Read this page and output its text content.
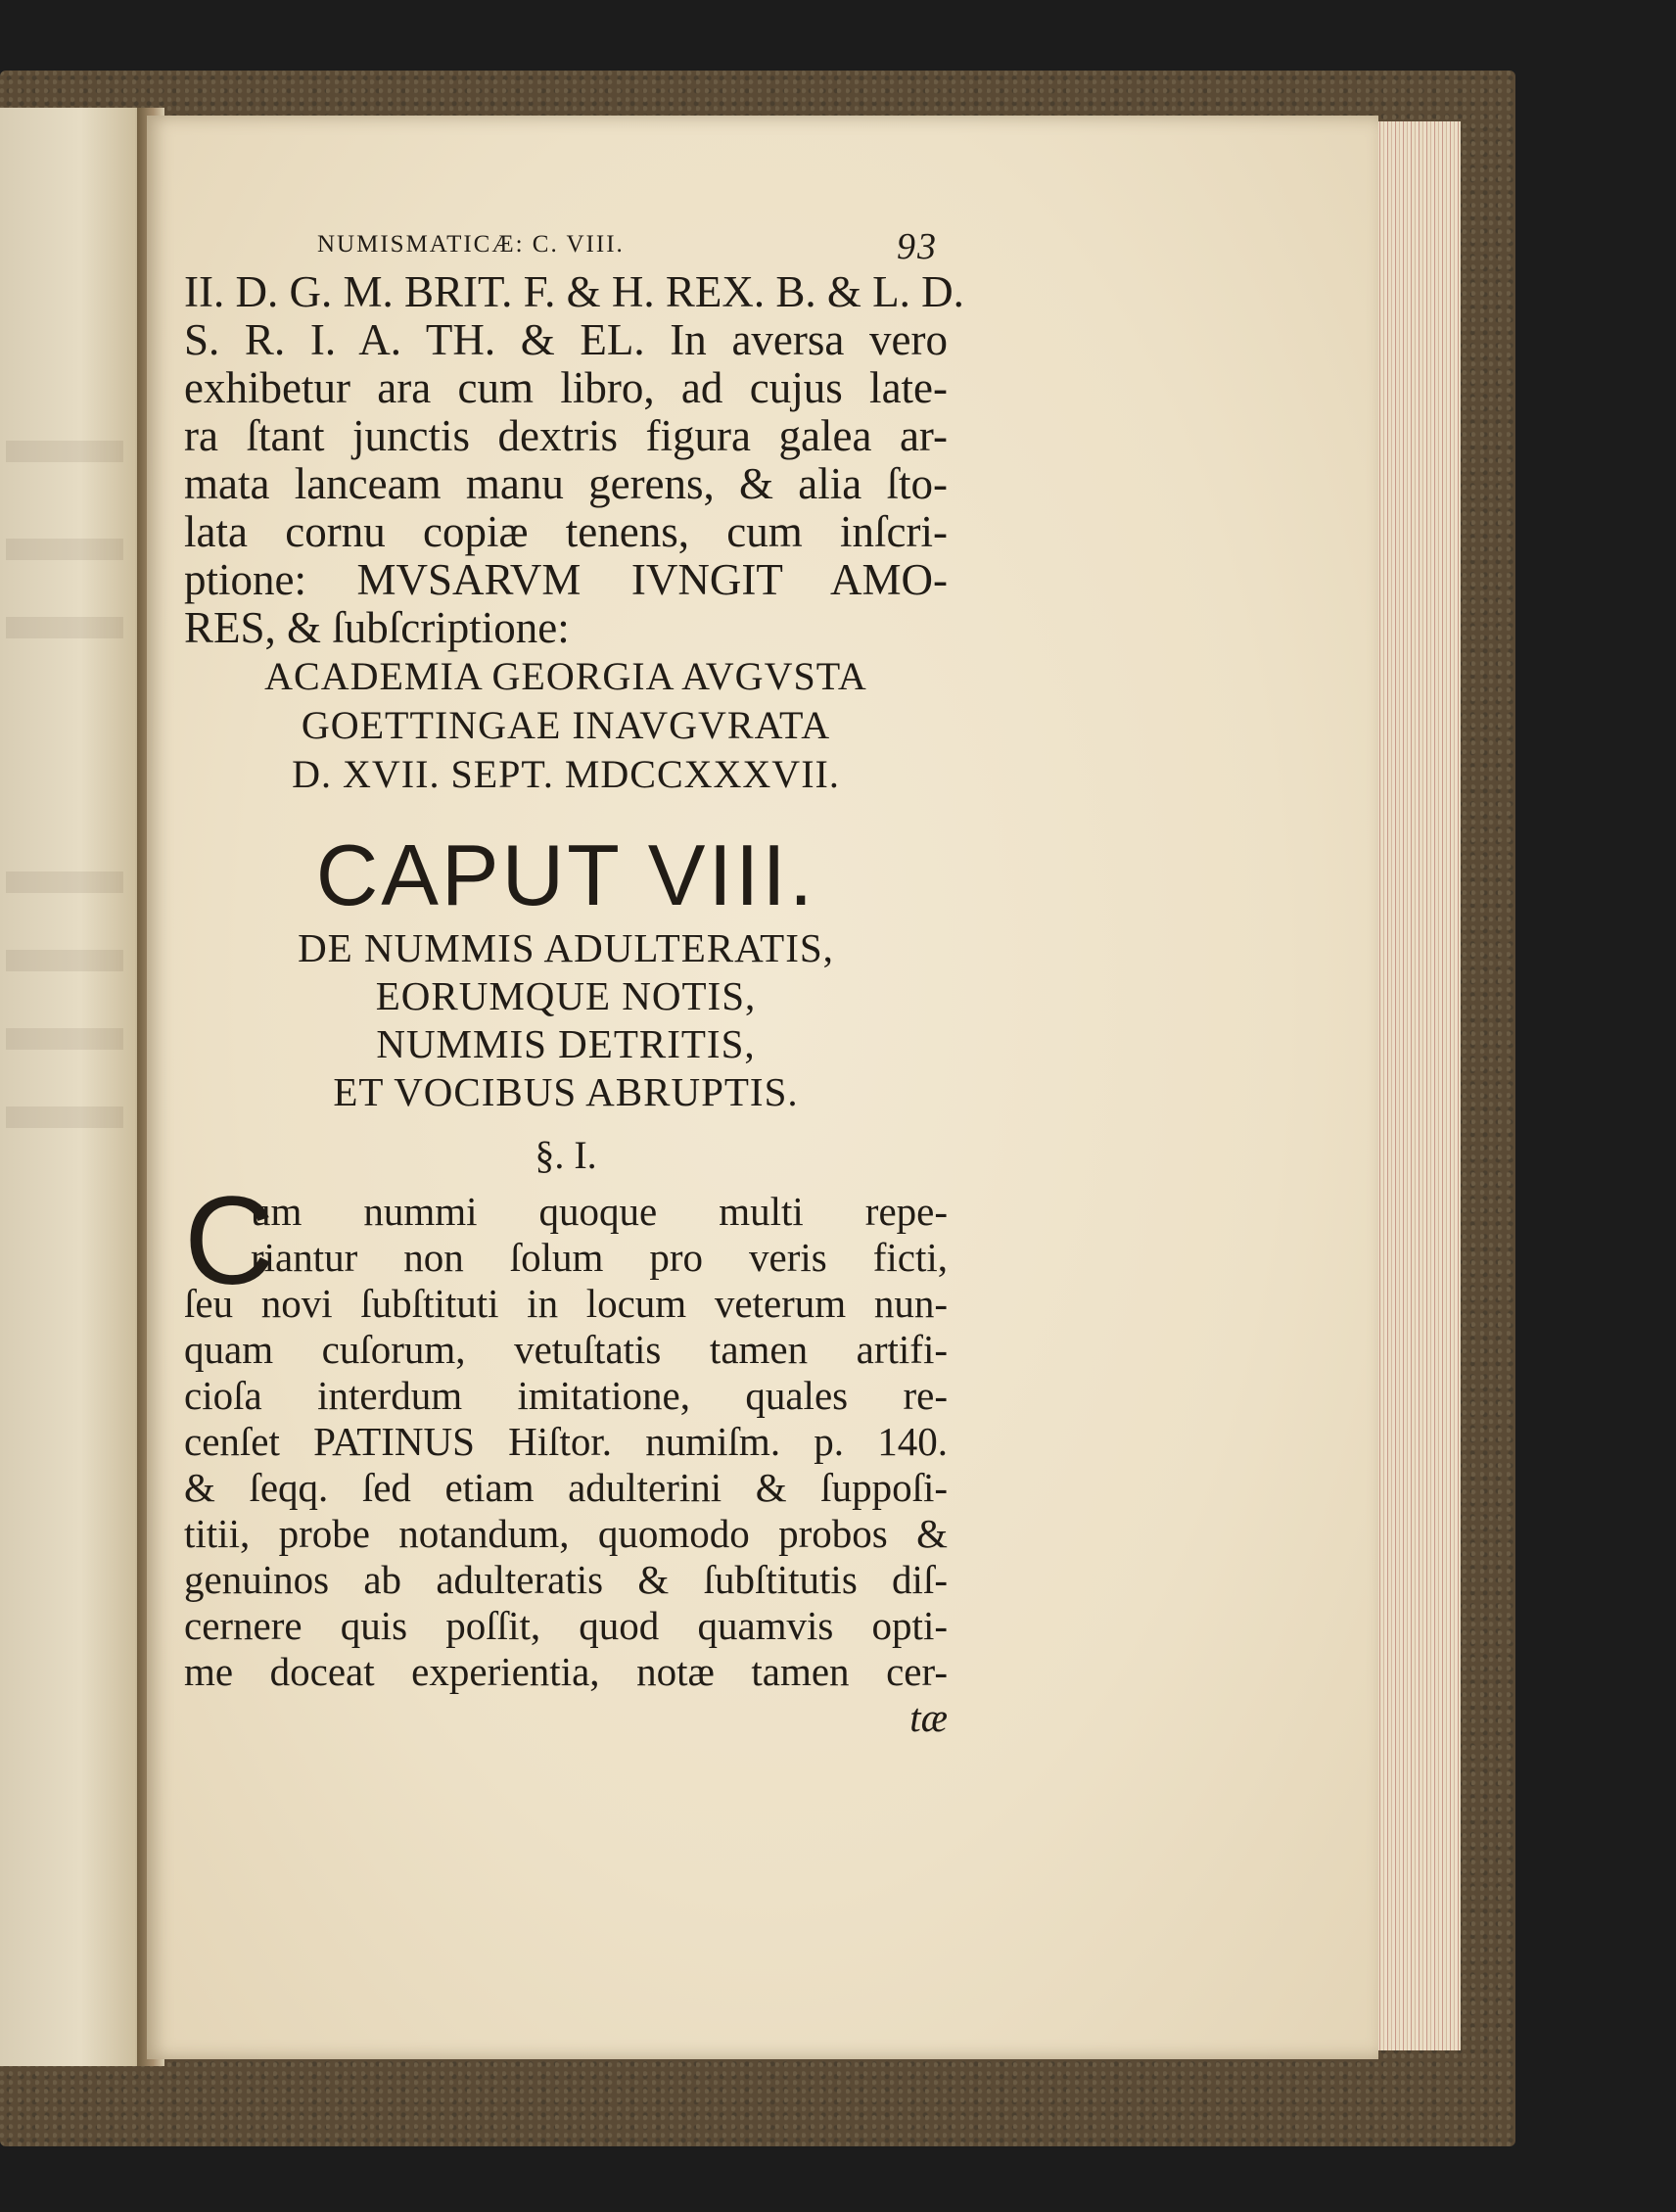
NUMISMATICÆ: C. VIII.	93
II. D. G. M. BRIT. F. & H. REX. B. & L. D.
S. R. I. A. TH. & EL. In aversa vero
exhibetur ara cum libro, ad cujus late-
ra ſtant junctis dextris figura galea ar-
mata lanceam manu gerens, & alia ſto-
lata cornu copiæ tenens, cum inſcri-
ptione: MVSARVM IVNGIT AMO-
RES, & ſubſcriptione:
ACADEMIA GEORGIA AVGVSTA
GOETTINGAE INAVGVRATA
D. XVII. SEPT. MDCCXXXVII.
CAPUT VIII.
DE NUMMIS ADULTERATIS,
EORUMQUE NOTIS,
NUMMIS DETRITIS,
ET VOCIBUS ABRUPTIS.
§. I.
C
um nummi quoque multi repe-
riantur non ſolum pro veris ficti,
ſeu novi ſubſtituti in locum veterum nun-
quam cuſorum, vetuſtatis tamen artifi-
cioſa interdum imitatione, quales re-
cenſet PATINUS Hiſtor. numiſm. p. 140.
& ſeqq. ſed etiam adulterini & ſuppoſi-
titii, probe notandum, quomodo probos &
genuinos ab adulteratis & ſubſtitutis diſ-
cernere quis poſſit, quod quamvis opti-
me doceat experientia, notæ tamen cer-
tæ
